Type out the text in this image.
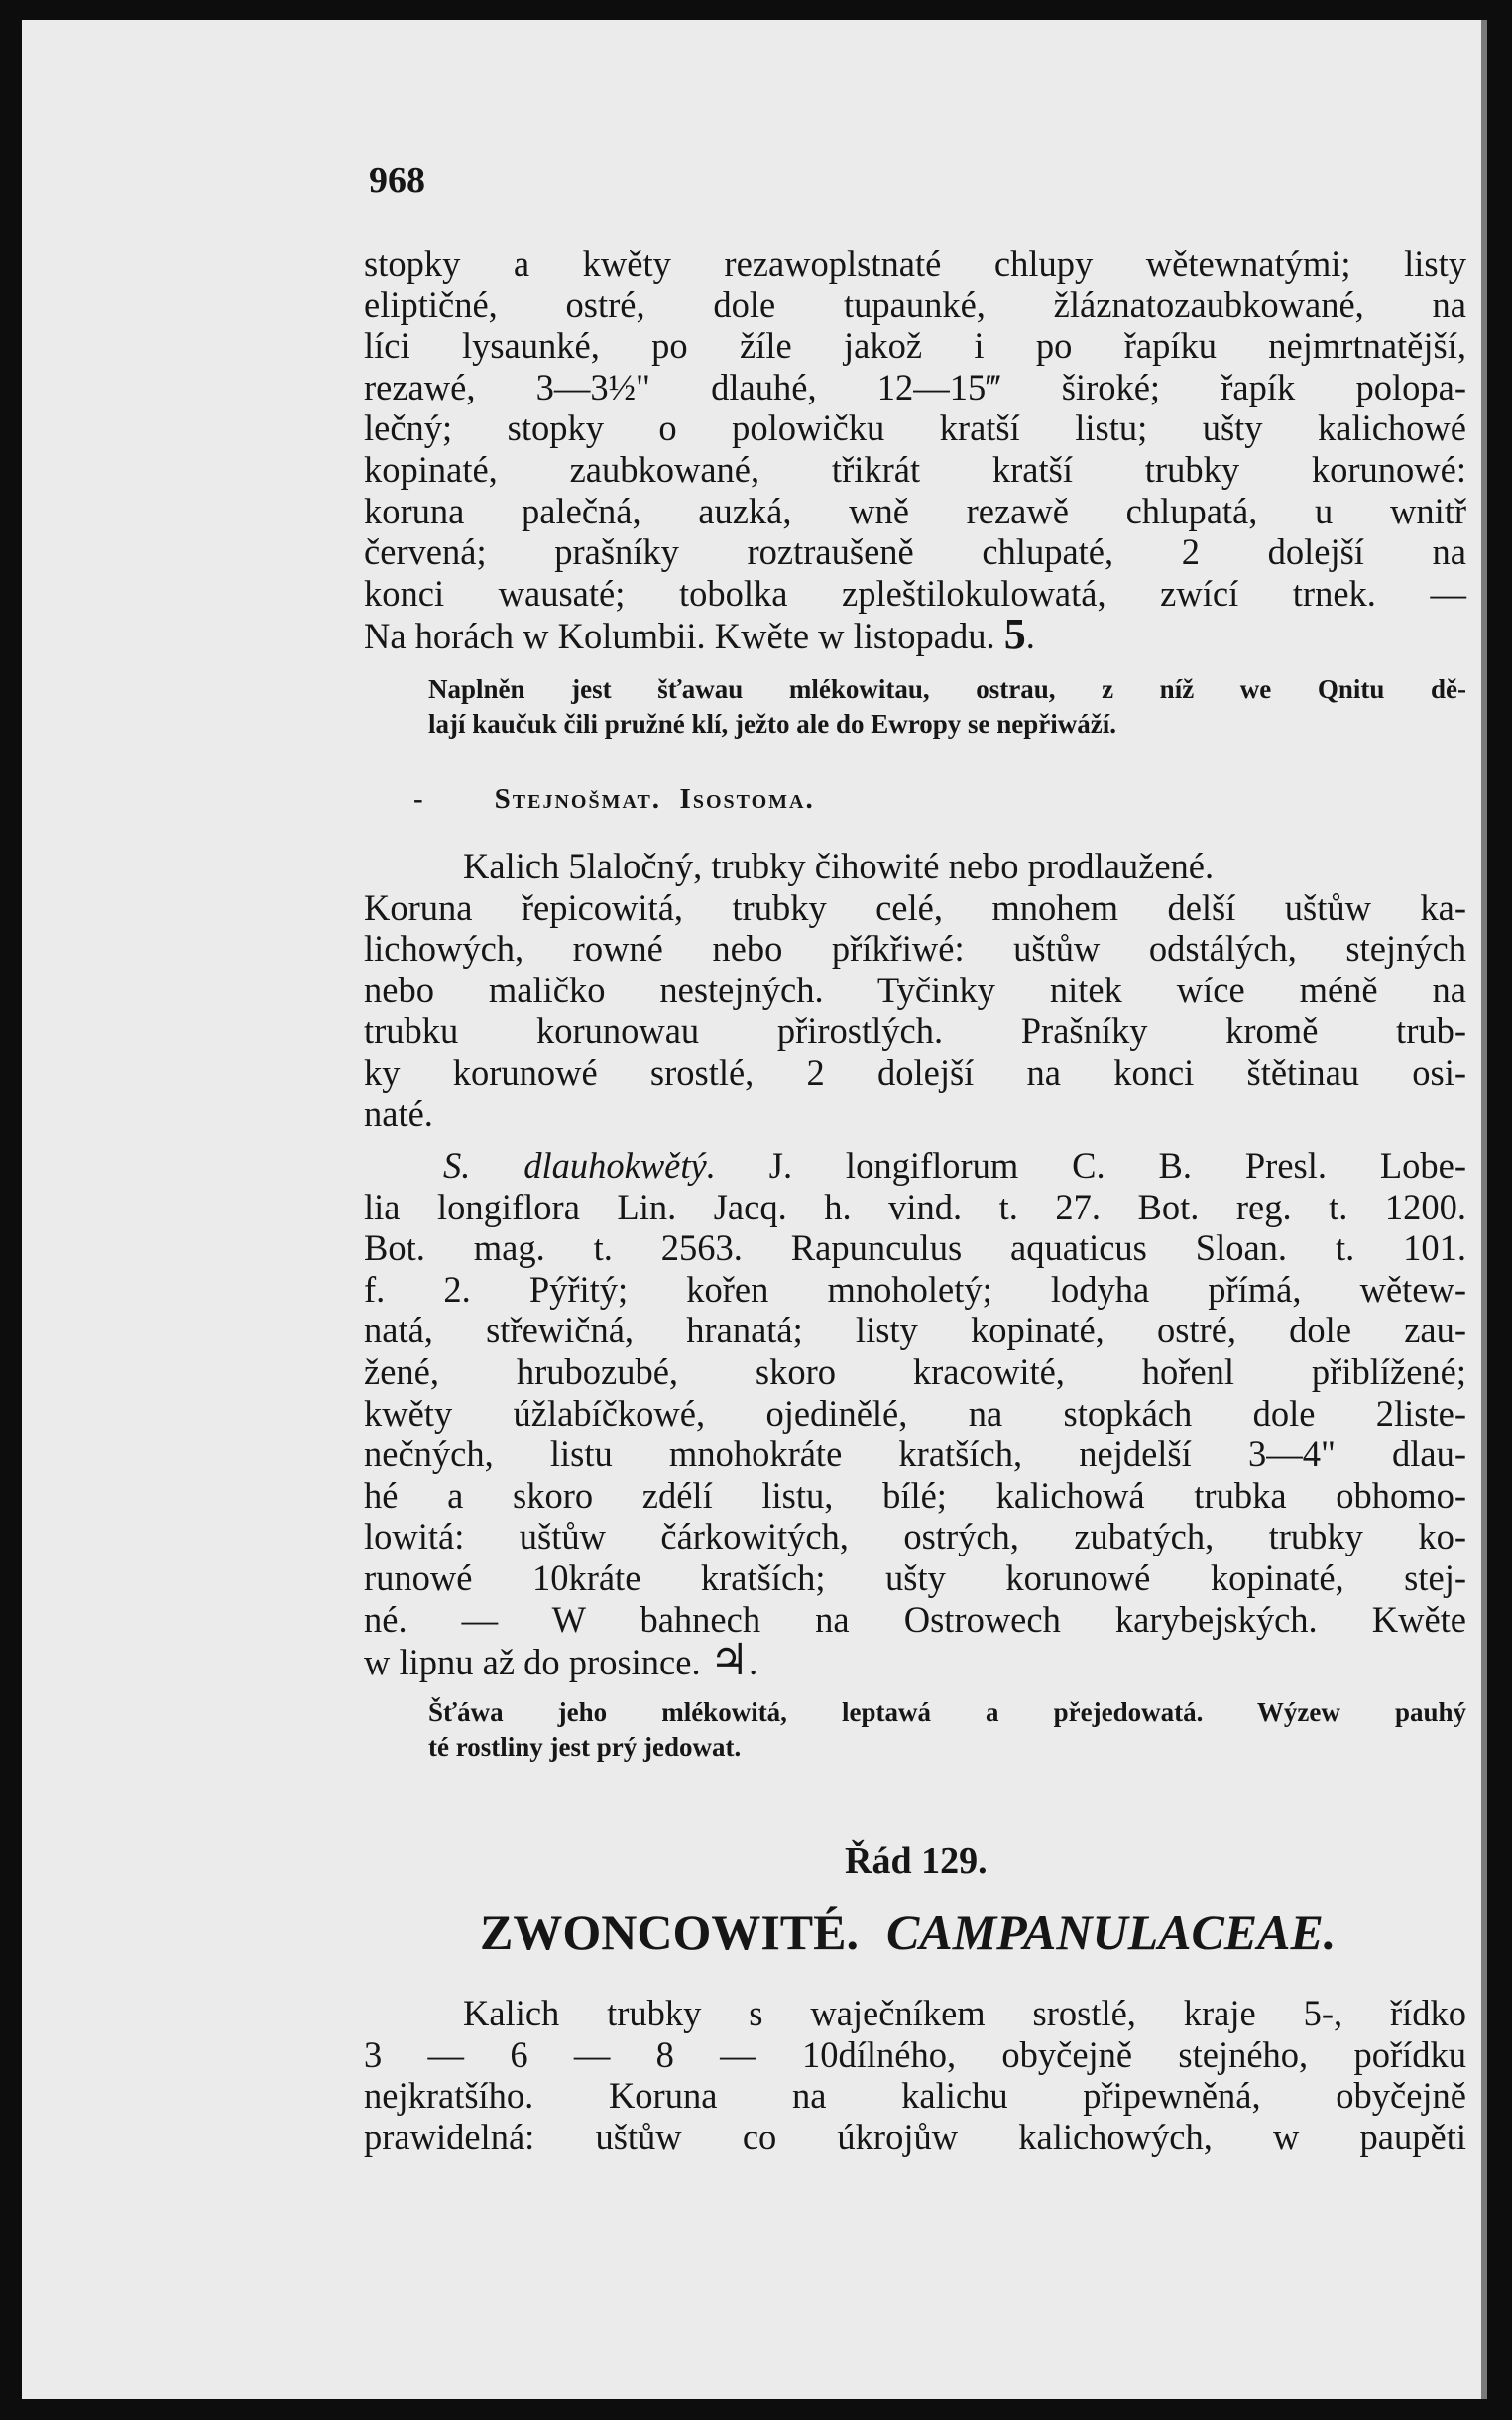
968

stopky a kwěty rezawoplstnaté chlupy wětewnatými; listy
eliptičné, ostré, dole tupaunké, žláznatozaubkowané, na
líci lysaunké, po žíle jakož i po řapíku nejmrtnatější,
rezawé, 3—3½" dlauhé, 12—15‴ široké; řapík polopa-
lečný; stopky o polowičku kratší listu; ušty kalichowé
kopinaté, zaubkowané, třikrát kratší trubky korunowé:
koruna palečná, auzká, wně rezawě chlupatá, u wnitř
červená; prašníky roztraušeně chlupaté, 2 dolejší na
konci wausaté; tobolka zpleštilokulowatá, zwící trnek. —
Na horách w Kolumbii. Kwěte w listopadu. 5.
Naplněn jest šťawau mlékowitau, ostrau, z níž we Qnitu dě-
lají kaučuk čili pružné klí, ježto ale do Ewropy se nepřiwáží.

- Stejnošmat. Isostoma.

Kalich 5laločný, trubky čihowité nebo prodlaužené.
Koruna řepicowitá, trubky celé, mnohem delší uštůw ka-
lichowých, rowné nebo příkřiwé: uštůw odstálých, stejných
nebo maličko nestejných. Tyčinky nitek wíce méně na
trubku korunowau přirostlých. Prašníky kromě trub-
ky korunowé srostlé, 2 dolejší na konci štětinau osi-
naté.
S. dlauhokwětý. J. longiflorum C. B. Presl. Lobe-
lia longiflora Lin. Jacq. h. vind. t. 27. Bot. reg. t. 1200.
Bot. mag. t. 2563. Rapunculus aquaticus Sloan. t. 101.
f. 2. Pýřitý; kořen mnoholetý; lodyha přímá, wětew-
natá, střewičná, hranatá; listy kopinaté, ostré, dole zau-
žené, hrubozubé, skoro kracowité, hořenl přiblížené;
kwěty úžlabíčkowé, ojedinělé, na stopkách dole 2liste-
nečných, listu mnohokráte kratších, nejdelší 3—4" dlau-
hé a skoro zdélí listu, bílé; kalichowá trubka obhomo-
lowitá: uštůw čárkowitých, ostrých, zubatých, trubky ko-
runowé 10kráte kratších; ušty korunowé kopinaté, stej-
né. — W bahnech na Ostrowech karybejských. Kwěte
w lipnu až do prosince. ♃.
Šťáwa jeho mlékowitá, leptawá a přejedowatá. Wýzew pauhý
té rostliny jest prý jedowat.

Řád 129.

ZWONCOWITÉ. CAMPANULACEAE.

Kalich trubky s waječníkem srostlé, kraje 5-, řídko
3 — 6 — 8 — 10dílného, obyčejně stejného, pořídku
nejkratšího. Koruna na kalichu připewněná, obyčejně
prawidelná: uštůw co úkrojůw kalichowých, w paupěti
